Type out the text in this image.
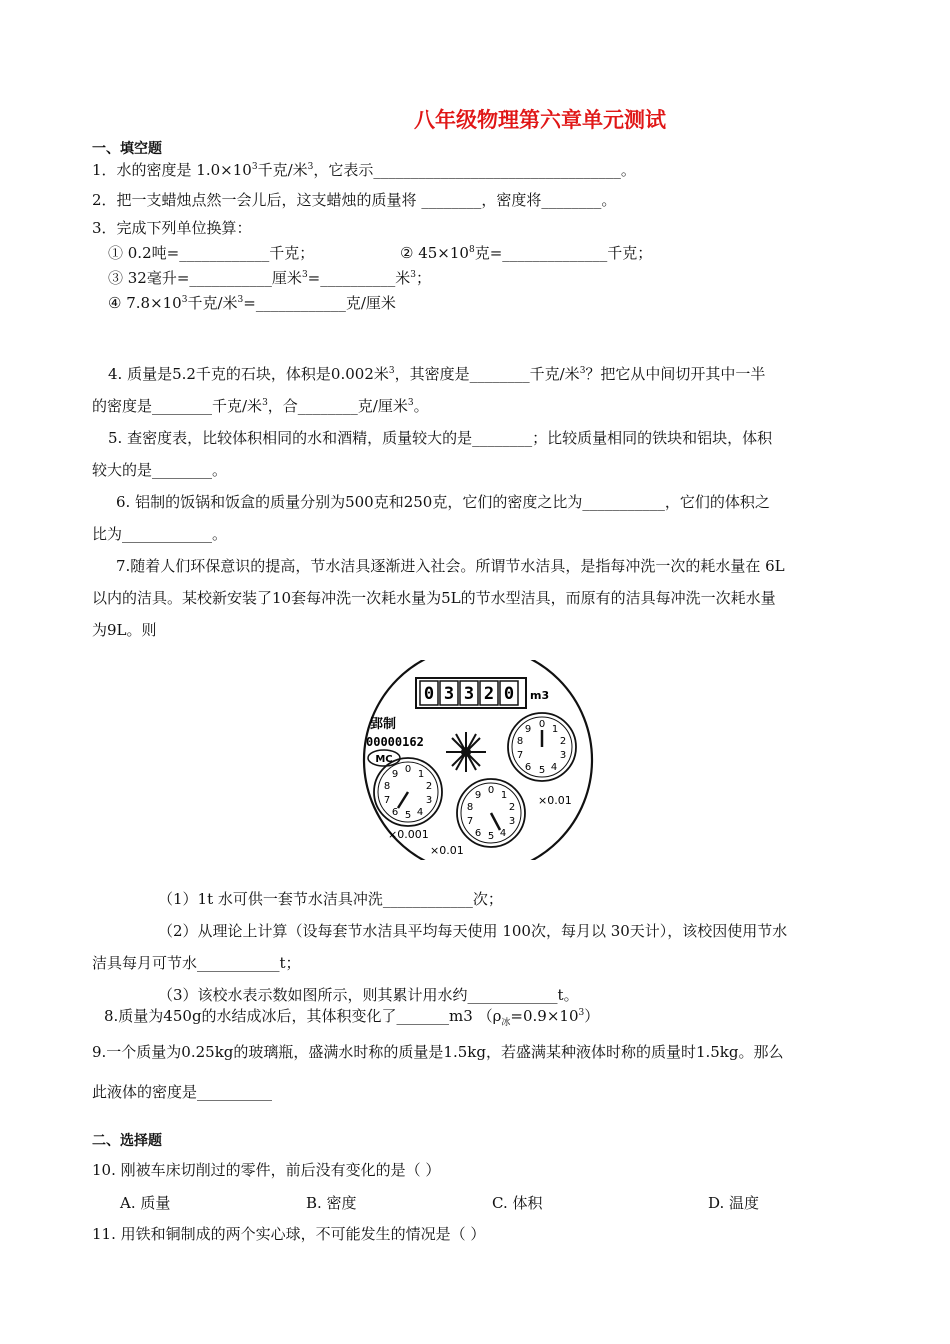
八年级物理第六章单元测试
一、填空题
1．水的密度是 $1.0\times 10^3$千克/米$^3$，它表示_________________________________。
2．把一支蜡烛点然一会儿后，这支蜡烛的质量将 ________，密度将________。
3．完成下列单位换算：
① 0.2吨=____________千克；	② $45\times 10^8$克=______________千克；
③ 32毫升=___________厘米$^3$=__________米$^3$；
④ $7.8\times 10^3$千克/米$^3$=____________克/厘米
4. 质量是5.2千克的石块，体积是0.002米$^3$，其密度是________千克/米$^3$？把它从中间切开其中一半
的密度是________千克/米$^3$，合________克/厘米$^3$。
5. 查密度表，比较体积相同的水和酒精，质量较大的是________；比较质量相同的铁块和铝块，体积
较大的是________。
6. 铝制的饭锅和饭盒的质量分别为500克和250克，它们的密度之比为___________，它们的体积之
比为____________。
7.随着人们环保意识的提高，节水洁具逐渐进入社会。所谓节水洁具，是指每冲洗一次的耗水量在 6L
以内的洁具。某校新安装了10套每冲洗一次耗水量为5L的节水型洁具，而原有的洁具每冲洗一次耗水量
为9L。则
0 3 3 2 0 m3
郢制
00000162
MC
0 1
2
3
4
5
6
7
8
9
×0.01
0 1
2
3
4
5
6
7
8
9
×0.001
0 1
2
3
4
5
6
7
8
9
×0.01
（1）1t 水可供一套节水洁具冲洗____________次；
（2）从理论上计算（设每套节水洁具平均每天使用 100次，每月以 30天计），该校因使用节水
洁具每月可节水___________t；
（3）该校水表示数如图所示，则其累计用水约____________t。
8.质量为450g的水结成冰后，其体积变化了_______m3 $(\rho_冰=0.9\times 10^3)$
9.一个质量为0.25kg的玻璃瓶，盛满水时称的质量是1.5kg，若盛满某种液体时称的质量时1.5kg。那么
此液体的密度是__________
二、选择题
10. 刚被车床切削过的零件，前后没有变化的是（ ）
A. 质量	B. 密度	C. 体积	D. 温度
11. 用铁和铜制成的两个实心球，不可能发生的情况是（ ）
